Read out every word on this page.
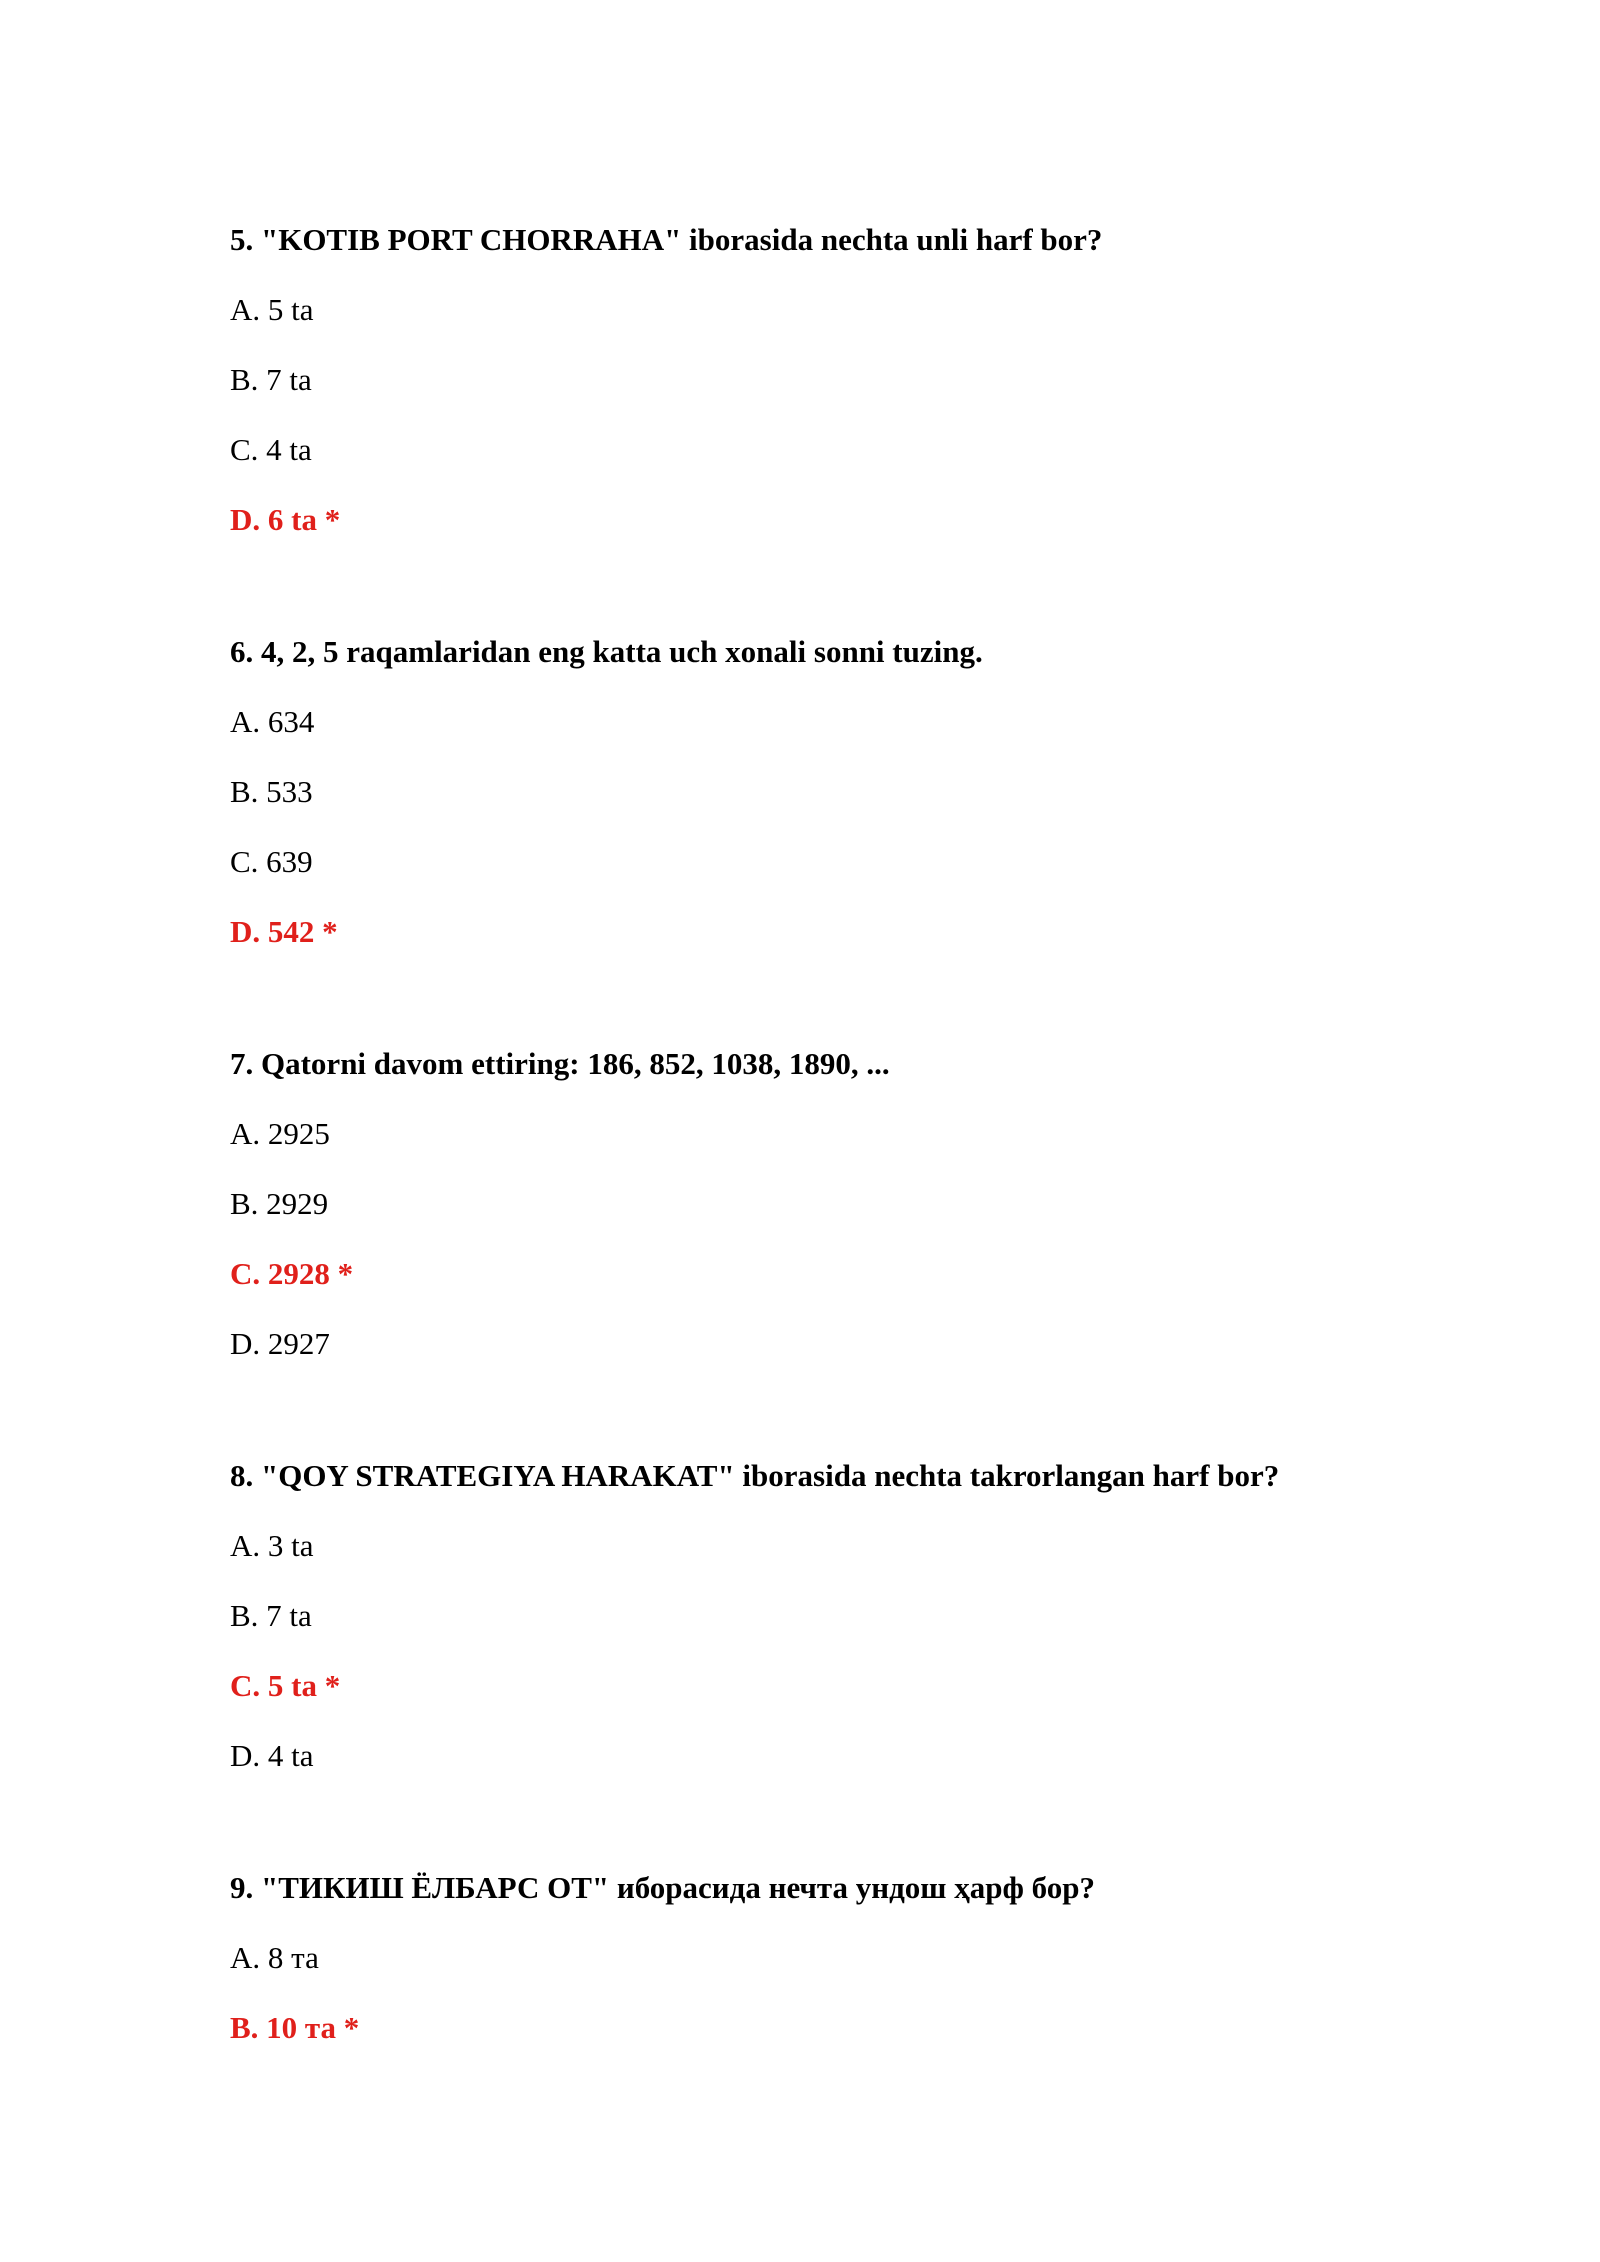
5. "KOTIB PORT CHORRAHA" iborasida nechta unli harf bor?
A. 5 ta
B. 7 ta
C. 4 ta
D. 6 ta *
6. 4, 2, 5 raqamlaridan eng katta uch xonali sonni tuzing.
A. 634
B. 533
C. 639
D. 542 *
7. Qatorni davom ettiring: 186, 852, 1038, 1890, ...
A. 2925
B. 2929
C. 2928 *
D. 2927
8. "QOY STRATEGIYA HARAKAT" iborasida nechta takrorlangan harf bor?
A. 3 ta
B. 7 ta
C. 5 ta *
D. 4 ta
9. "ТИКИШ ЁЛБАРС ОТ" иборасида нечта ундош ҳарф бор?
A. 8 та
B. 10 та *
